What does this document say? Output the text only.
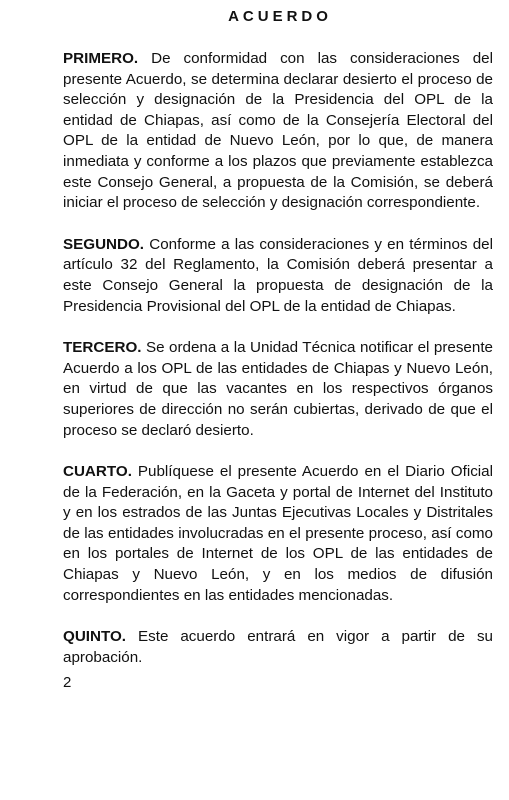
ACUERDO

PRIMERO. De conformidad con las consideraciones del presente Acuerdo, se determina declarar desierto el proceso de selección y designación de la Presidencia del OPL de la entidad de Chiapas, así como de la Consejería Electoral del OPL de la entidad de Nuevo León, por lo que, de manera inmediata y conforme a los plazos que previamente establezca este Consejo General, a propuesta de la Comisión, se deberá iniciar el proceso de selección y designación correspondiente.

SEGUNDO. Conforme a las consideraciones y en términos del artículo 32 del Reglamento, la Comisión deberá presentar a este Consejo General la propuesta de designación de la Presidencia Provisional del OPL de la entidad de Chiapas.

TERCERO. Se ordena a la Unidad Técnica notificar el presente Acuerdo a los OPL de las entidades de Chiapas y Nuevo León, en virtud de que las vacantes en los respectivos órganos superiores de dirección no serán cubiertas, derivado de que el proceso se declaró desierto.

CUARTO. Publíquese el presente Acuerdo en el Diario Oficial de la Federación, en la Gaceta y portal de Internet del Instituto y en los estrados de las Juntas Ejecutivas Locales y Distritales de las entidades involucradas en el presente proceso, así como en los portales de Internet de los OPL de las entidades de Chiapas y Nuevo León, y en los medios de difusión correspondientes en las entidades mencionadas.

QUINTO. Este acuerdo entrará en vigor a partir de su aprobación.

2
